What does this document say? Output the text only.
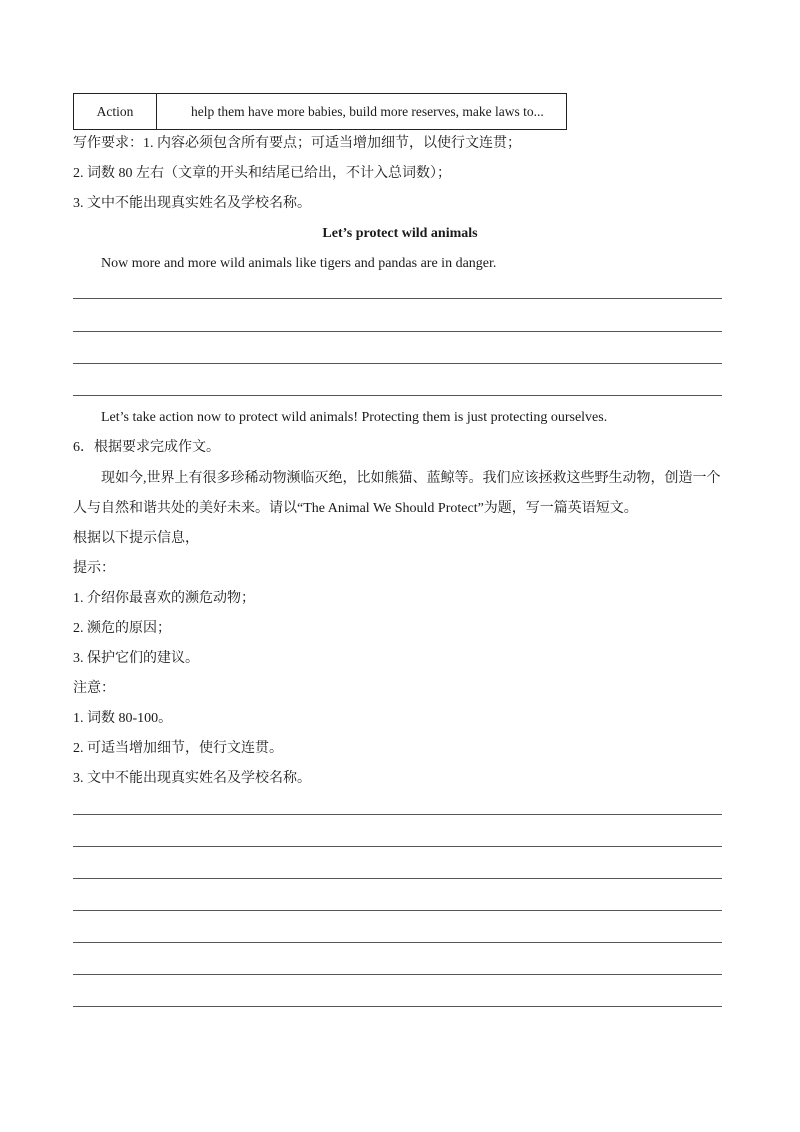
Action	help them have more babies, build more reserves, make laws to...
写作要求：1. 内容必须包含所有要点；可适当增加细节，以使行文连贯；
2. 词数 80 左右（文章的开头和结尾已给出，不计入总词数）；
3. 文中不能出现真实姓名及学校名称。
Let’s protect wild animals
Now more and more wild animals like tigers and pandas are in danger.
Let’s take action now to protect wild animals! Protecting them is just protecting ourselves.
6．根据要求完成作文。
现如今,世界上有很多珍稀动物濒临灭绝，比如熊猫、蓝鲸等。我们应该拯救这些野生动物，创造一个
人与自然和谐共处的美好未来。请以“The Animal We Should Protect”为题，写一篇英语短文。
根据以下提示信息，
提示：
1. 介绍你最喜欢的濒危动物；
2. 濒危的原因；
3. 保护它们的建议。
注意：
1. 词数 80-100。
2. 可适当增加细节，使行文连贯。
3. 文中不能出现真实姓名及学校名称。
